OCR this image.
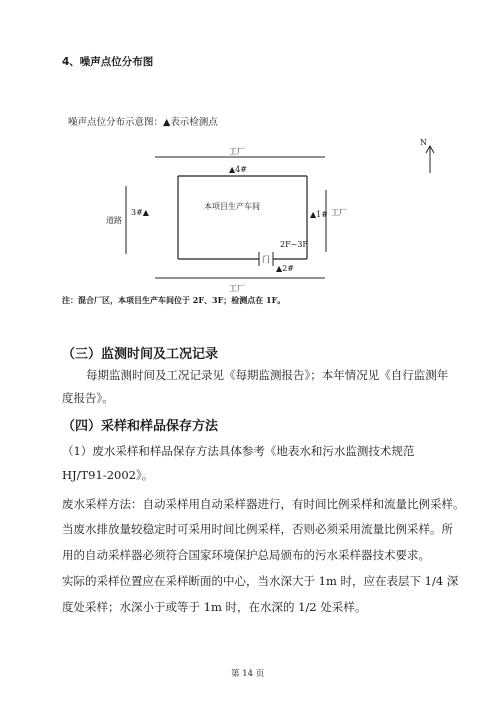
4、噪声点位分布图
噪声点位分布示意图：▲表示检测点
N
工厂
▲4#
本项目生产车间
3#▲
道路
▲1# 工厂
2F~3F
门
▲2#
工厂
注：混合厂区，本项目生产车间位于 2F、3F；检测点在 1F。
（三）监测时间及工况记录
每期监测时间及工况记录见《每期监测报告》；本年情况见《自行监测年
度报告》。
（四）采样和样品保存方法
（1）废水采样和样品保存方法具体参考《地表水和污水监测技术规范
HJ/T91-2002》。
废水采样方法：自动采样用自动采样器进行，有时间比例采样和流量比例采样。
当废水排放量较稳定时可采用时间比例采样，否则必须采用流量比例采样。所
用的自动采样器必须符合国家环境保护总局颁布的污水采样器技术要求。
实际的采样位置应在采样断面的中心，当水深大于 1m 时，应在表层下 1/4 深
度处采样；水深小于或等于 1m 时，在水深的 1/2 处采样。
第 14 页
